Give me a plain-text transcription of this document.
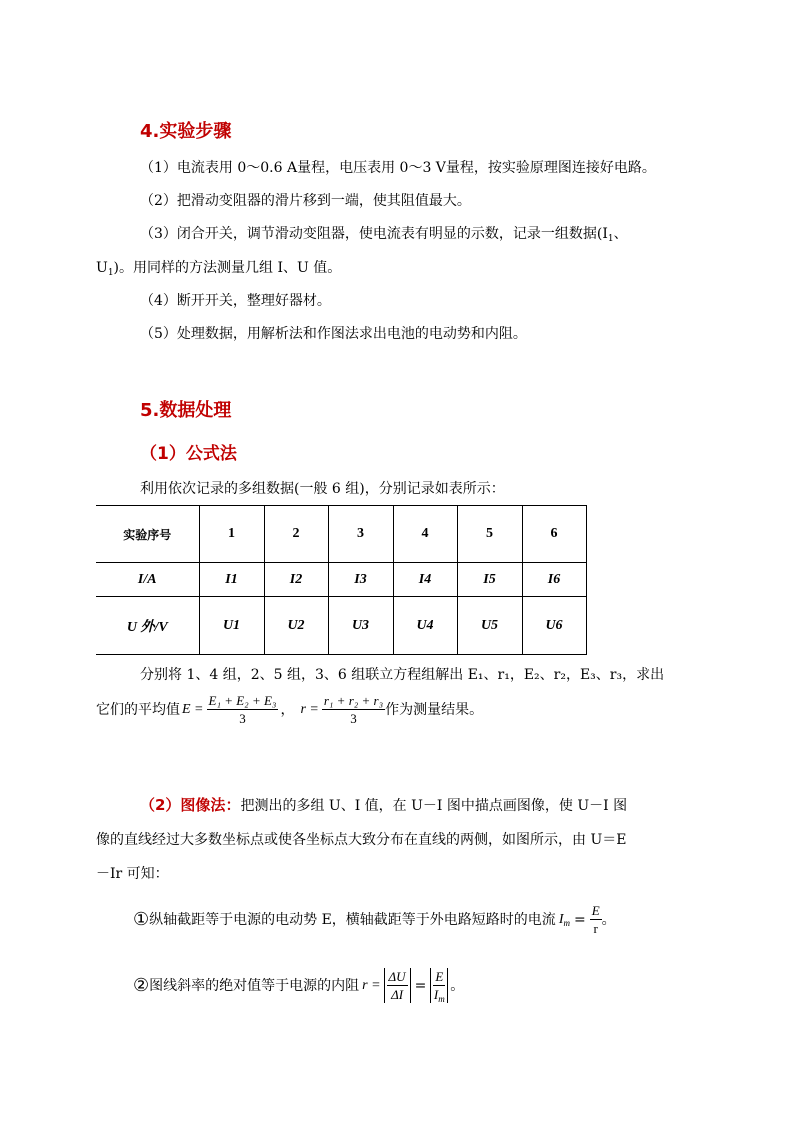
4.实验步骤
（1）电流表用 0～0.6 A量程，电压表用 0～3 V量程，按实验原理图连接好电路。
（2）把滑动变阻器的滑片移到一端，使其阻值最大。
（3）闭合开关，调节滑动变阻器，使电流表有明显的示数，记录一组数据($I_1$、
$U_1$)。用同样的方法测量几组 I、U 值。
（4）断开开关，整理好器材。
（5）处理数据，用解析法和作图法求出电池的电动势和内阻。
5.数据处理
（1）公式法
利用依次记录的多组数据(一般 6 组)，分别记录如表所示：
实验序号	1	2	3	4	5	6
I/A	I1	I2	I3	I4	I5	I6
U 外/V	U1	U2	U3	U4	U5	U6
分别将 1、4 组，2、5 组，3、6 组联立方程组解出 E₁、r₁，E₂、r₂，E₃、r₃，求出
它们的平均值 $E = \frac{\text{E₁ + E₂ + E₃}}{3}$ ， $r = \frac{\text{r₁ + r₂ + r₃}}{3}$ 作为测量结果。
（2）图像法：把测出的多组 U、I 值，在 U－I 图中描点画图像，使 U－I 图
像的直线经过大多数坐标点或使各坐标点大致分布在直线的两侧，如图所示，由 U＝E
－Ir 可知：
① 纵轴截距等于电源的电动势 E，横轴截距等于外电路短路时的电流 $I_m = \frac{E}{r}$ 。
② 图线斜率的绝对值等于电源的内阻 $r = \frac{\Delta U}{\Delta I} = \frac{E}{I_m}$ 。
